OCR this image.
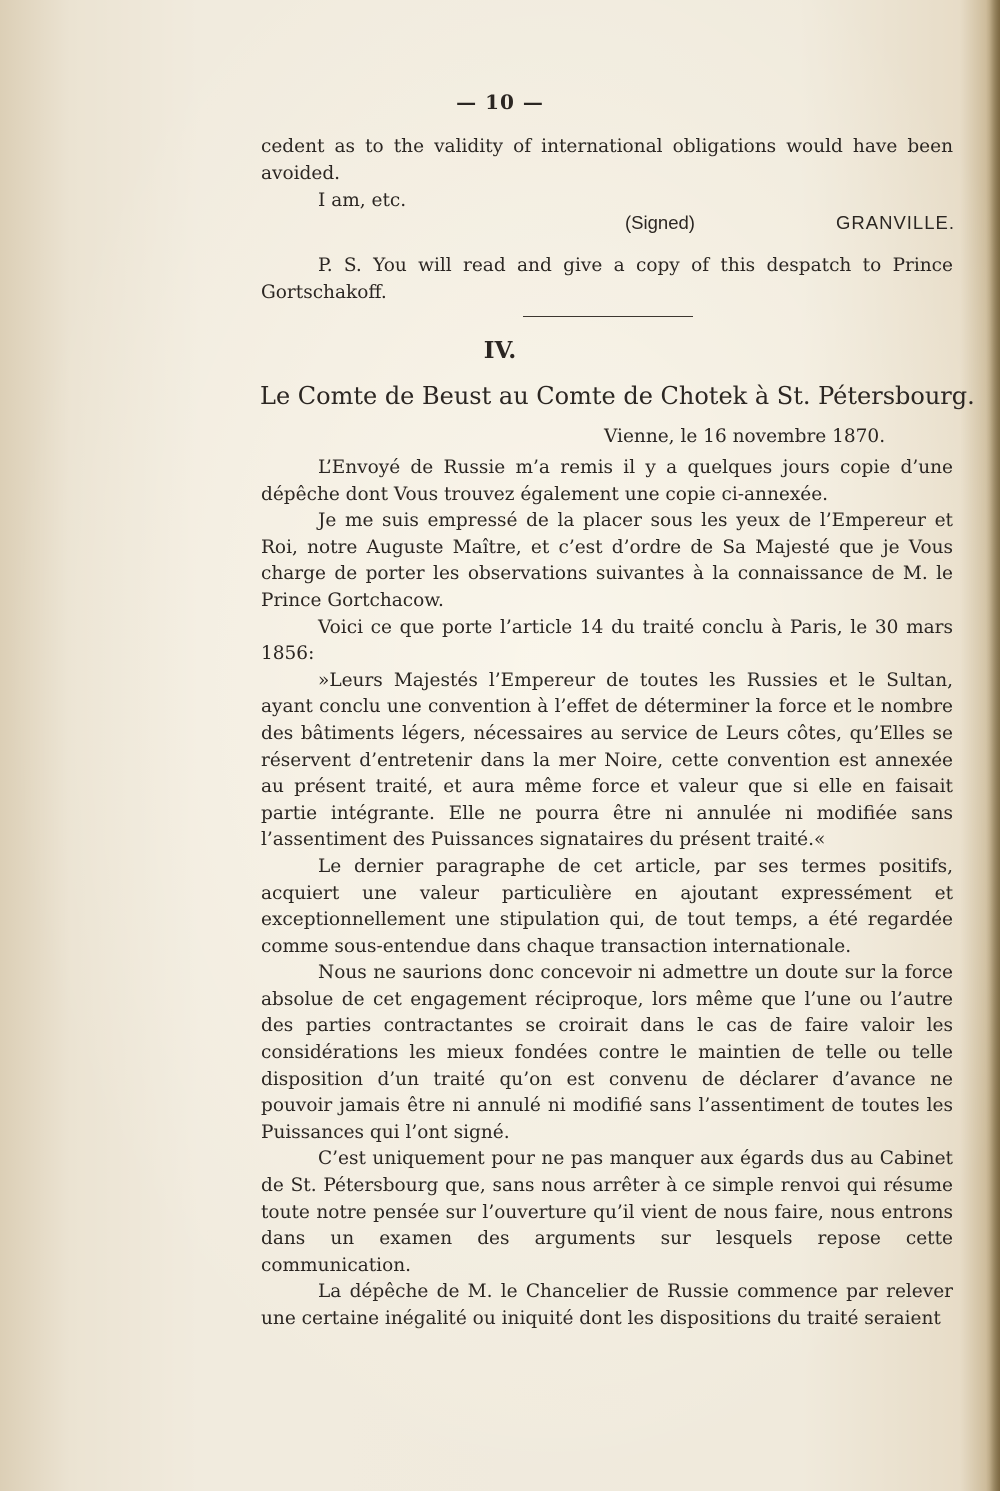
— 10 —

cedent as to the validity of international obligations would have been avoided.

I am, etc.

(Signed)	GRANVILLE.

P. S. You will read and give a copy of this despatch to Prince Gortschakoff.

IV.
Le Comte de Beust au Comte de Chotek à St. Pétersbourg.
Vienne, le 16 novembre 1870.

L’Envoyé de Russie m’a remis il y a quelques jours copie d’une dépêche dont Vous trouvez également une copie ci-annexée.

Je me suis empressé de la placer sous les yeux de l’Empereur et Roi, notre Auguste Maître, et c’est d’ordre de Sa Majesté que je Vous charge de porter les observations suivantes à la connaissance de M. le Prince Gortchacow.

Voici ce que porte l’article 14 du traité conclu à Paris, le 30 mars 1856:

»Leurs Majestés l’Empereur de toutes les Russies et le Sultan, ayant conclu une convention à l’effet de déterminer la force et le nombre des bâtiments légers, nécessaires au service de Leurs côtes, qu’Elles se réservent d’entretenir dans la mer Noire, cette convention est annexée au présent traité, et aura même force et valeur que si elle en faisait partie intégrante. Elle ne pourra être ni annulée ni modifiée sans l’assentiment des Puissances signataires du présent traité.«

Le dernier paragraphe de cet article, par ses termes positifs, acquiert une valeur particulière en ajoutant expressément et exceptionnellement une stipulation qui, de tout temps, a été regardée comme sous-entendue dans chaque transaction internationale.

Nous ne saurions donc concevoir ni admettre un doute sur la force absolue de cet engagement réciproque, lors même que l’une ou l’autre des parties contractantes se croirait dans le cas de faire valoir les considérations les mieux fondées contre le maintien de telle ou telle disposition d’un traité qu’on est convenu de déclarer d’avance ne pouvoir jamais être ni annulé ni modifié sans l’assentiment de toutes les Puissances qui l’ont signé.

C’est uniquement pour ne pas manquer aux égards dus au Cabinet de St. Pétersbourg que, sans nous arrêter à ce simple renvoi qui résume toute notre pensée sur l’ouverture qu’il vient de nous faire, nous entrons dans un examen des arguments sur lesquels repose cette communication.

La dépêche de M. le Chancelier de Russie commence par relever une certaine inégalité ou iniquité dont les dispositions du traité seraient
